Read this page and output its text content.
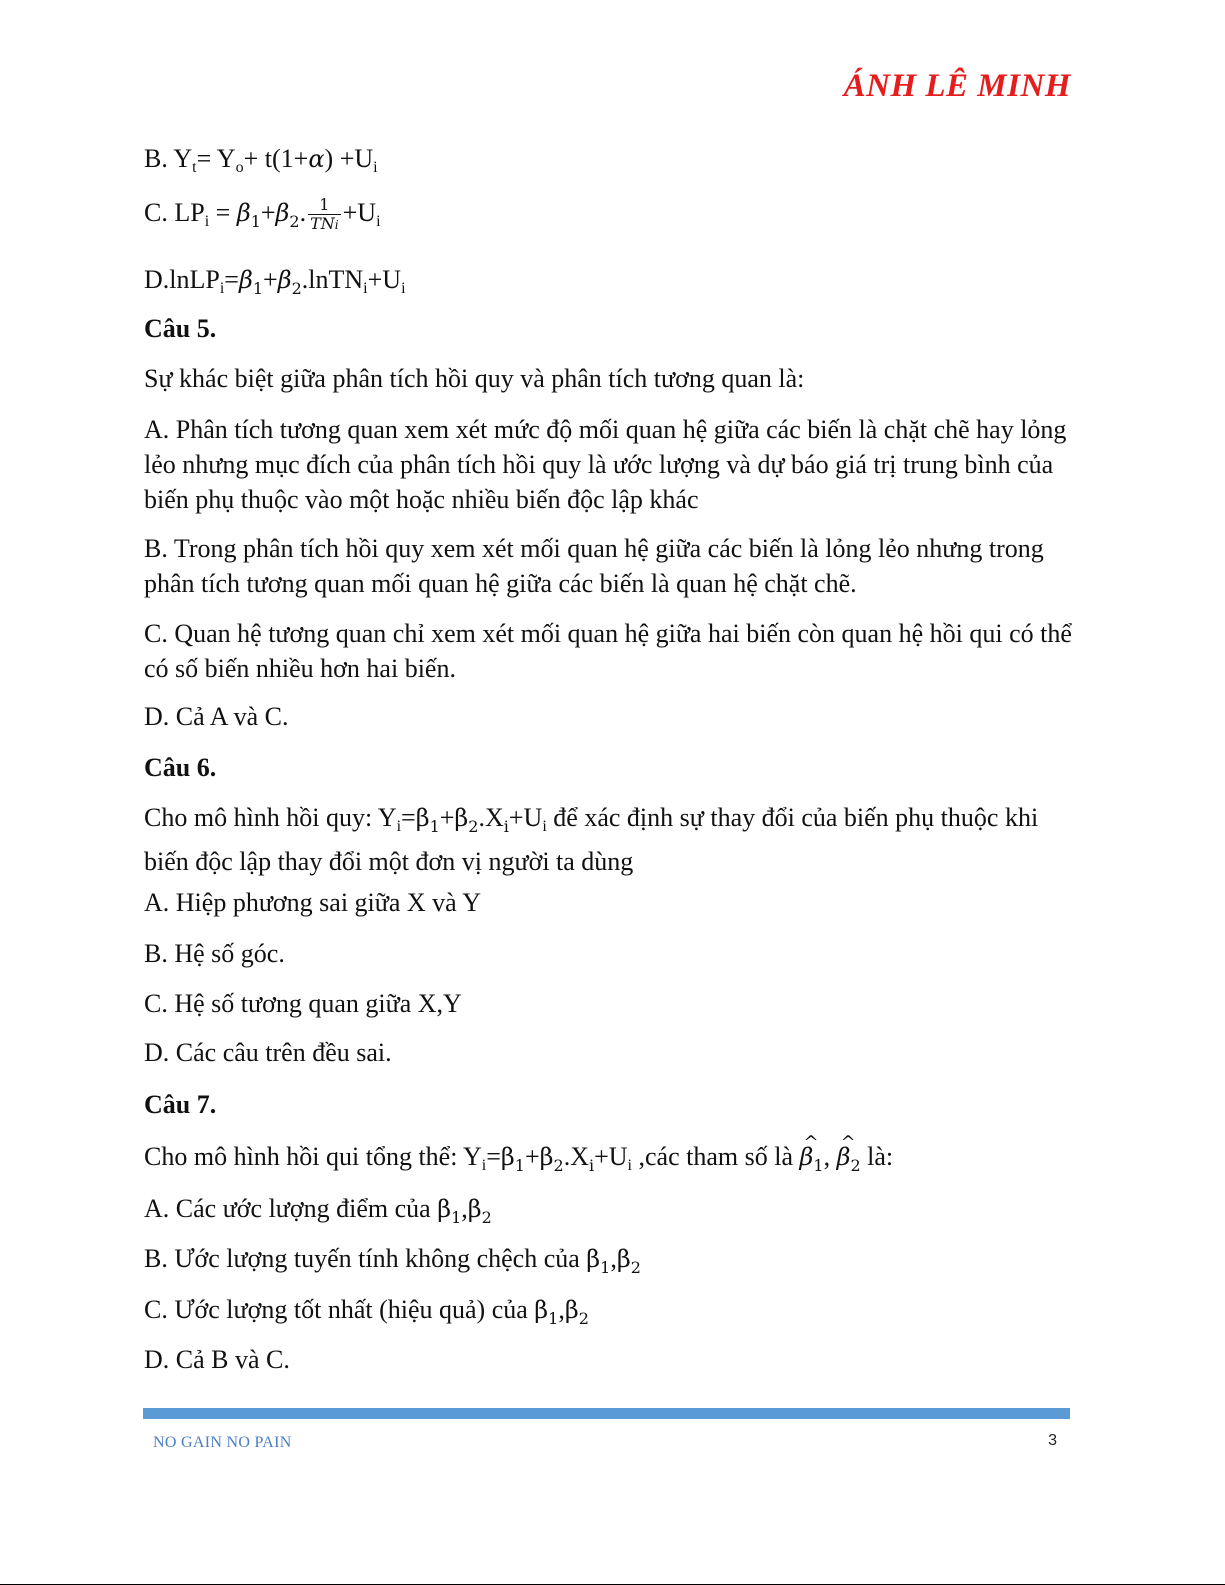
ÁNH LÊ MINH
B. $Y_t= Y_o+ t(1+\alpha) +U_i$
C. $LP_i = \beta_1+\beta_2$. $\frac{1}{\text{TNi}} +U_i$
$D.lnLP_i=\beta_1+\beta_2.lnTN_i+U_i$
Câu 5.
Sự khác biệt giữa phân tích hồi quy và phân tích tương quan là:
A. Phân tích tương quan xem xét mức độ mối quan hệ giữa các biến là chặt chẽ hay lỏng lẻo nhưng mục đích của phân tích hồi quy là ước lượng và dự báo giá trị trung bình của biến phụ thuộc vào một hoặc nhiều biến độc lập khác
B. Trong phân tích hồi quy xem xét mối quan hệ giữa các biến là lỏng lẻo nhưng trong phân tích tương quan mối quan hệ giữa các biến là quan hệ chặt chẽ.
C. Quan hệ tương quan chỉ xem xét mối quan hệ giữa hai biến còn quan hệ hồi qui có thể có số biến nhiều hơn hai biến.
D. Cả A và C.
Câu 6.
Cho mô hình hồi quy: $Y_i=\beta_1+\beta_2.X_i+U_i$ để xác định sự thay đổi của biến phụ thuộc khi biến độc lập thay đổi một đơn vị người ta dùng
A. Hiệp phương sai giữa X và Y
B. Hệ số góc.
C. Hệ số tương quan giữa X,Y
D. Các câu trên đều sai.
Câu 7.
Cho mô hình hồi qui tổng thể: $Y_i=\beta_1+\beta_2.X_i+U_i$ ,các tham số là ^ $\beta_1$, ^ $\beta_2$ là:
A. Các ước lượng điểm của $\beta_1,\beta_2$
B. Ước lượng tuyến tính không chệch của $\beta_1,\beta_2$
C. Ước lượng tốt nhất (hiệu quả) của $\beta_1,\beta_2$
D. Cả B và C.
NO GAIN NO PAIN	3
